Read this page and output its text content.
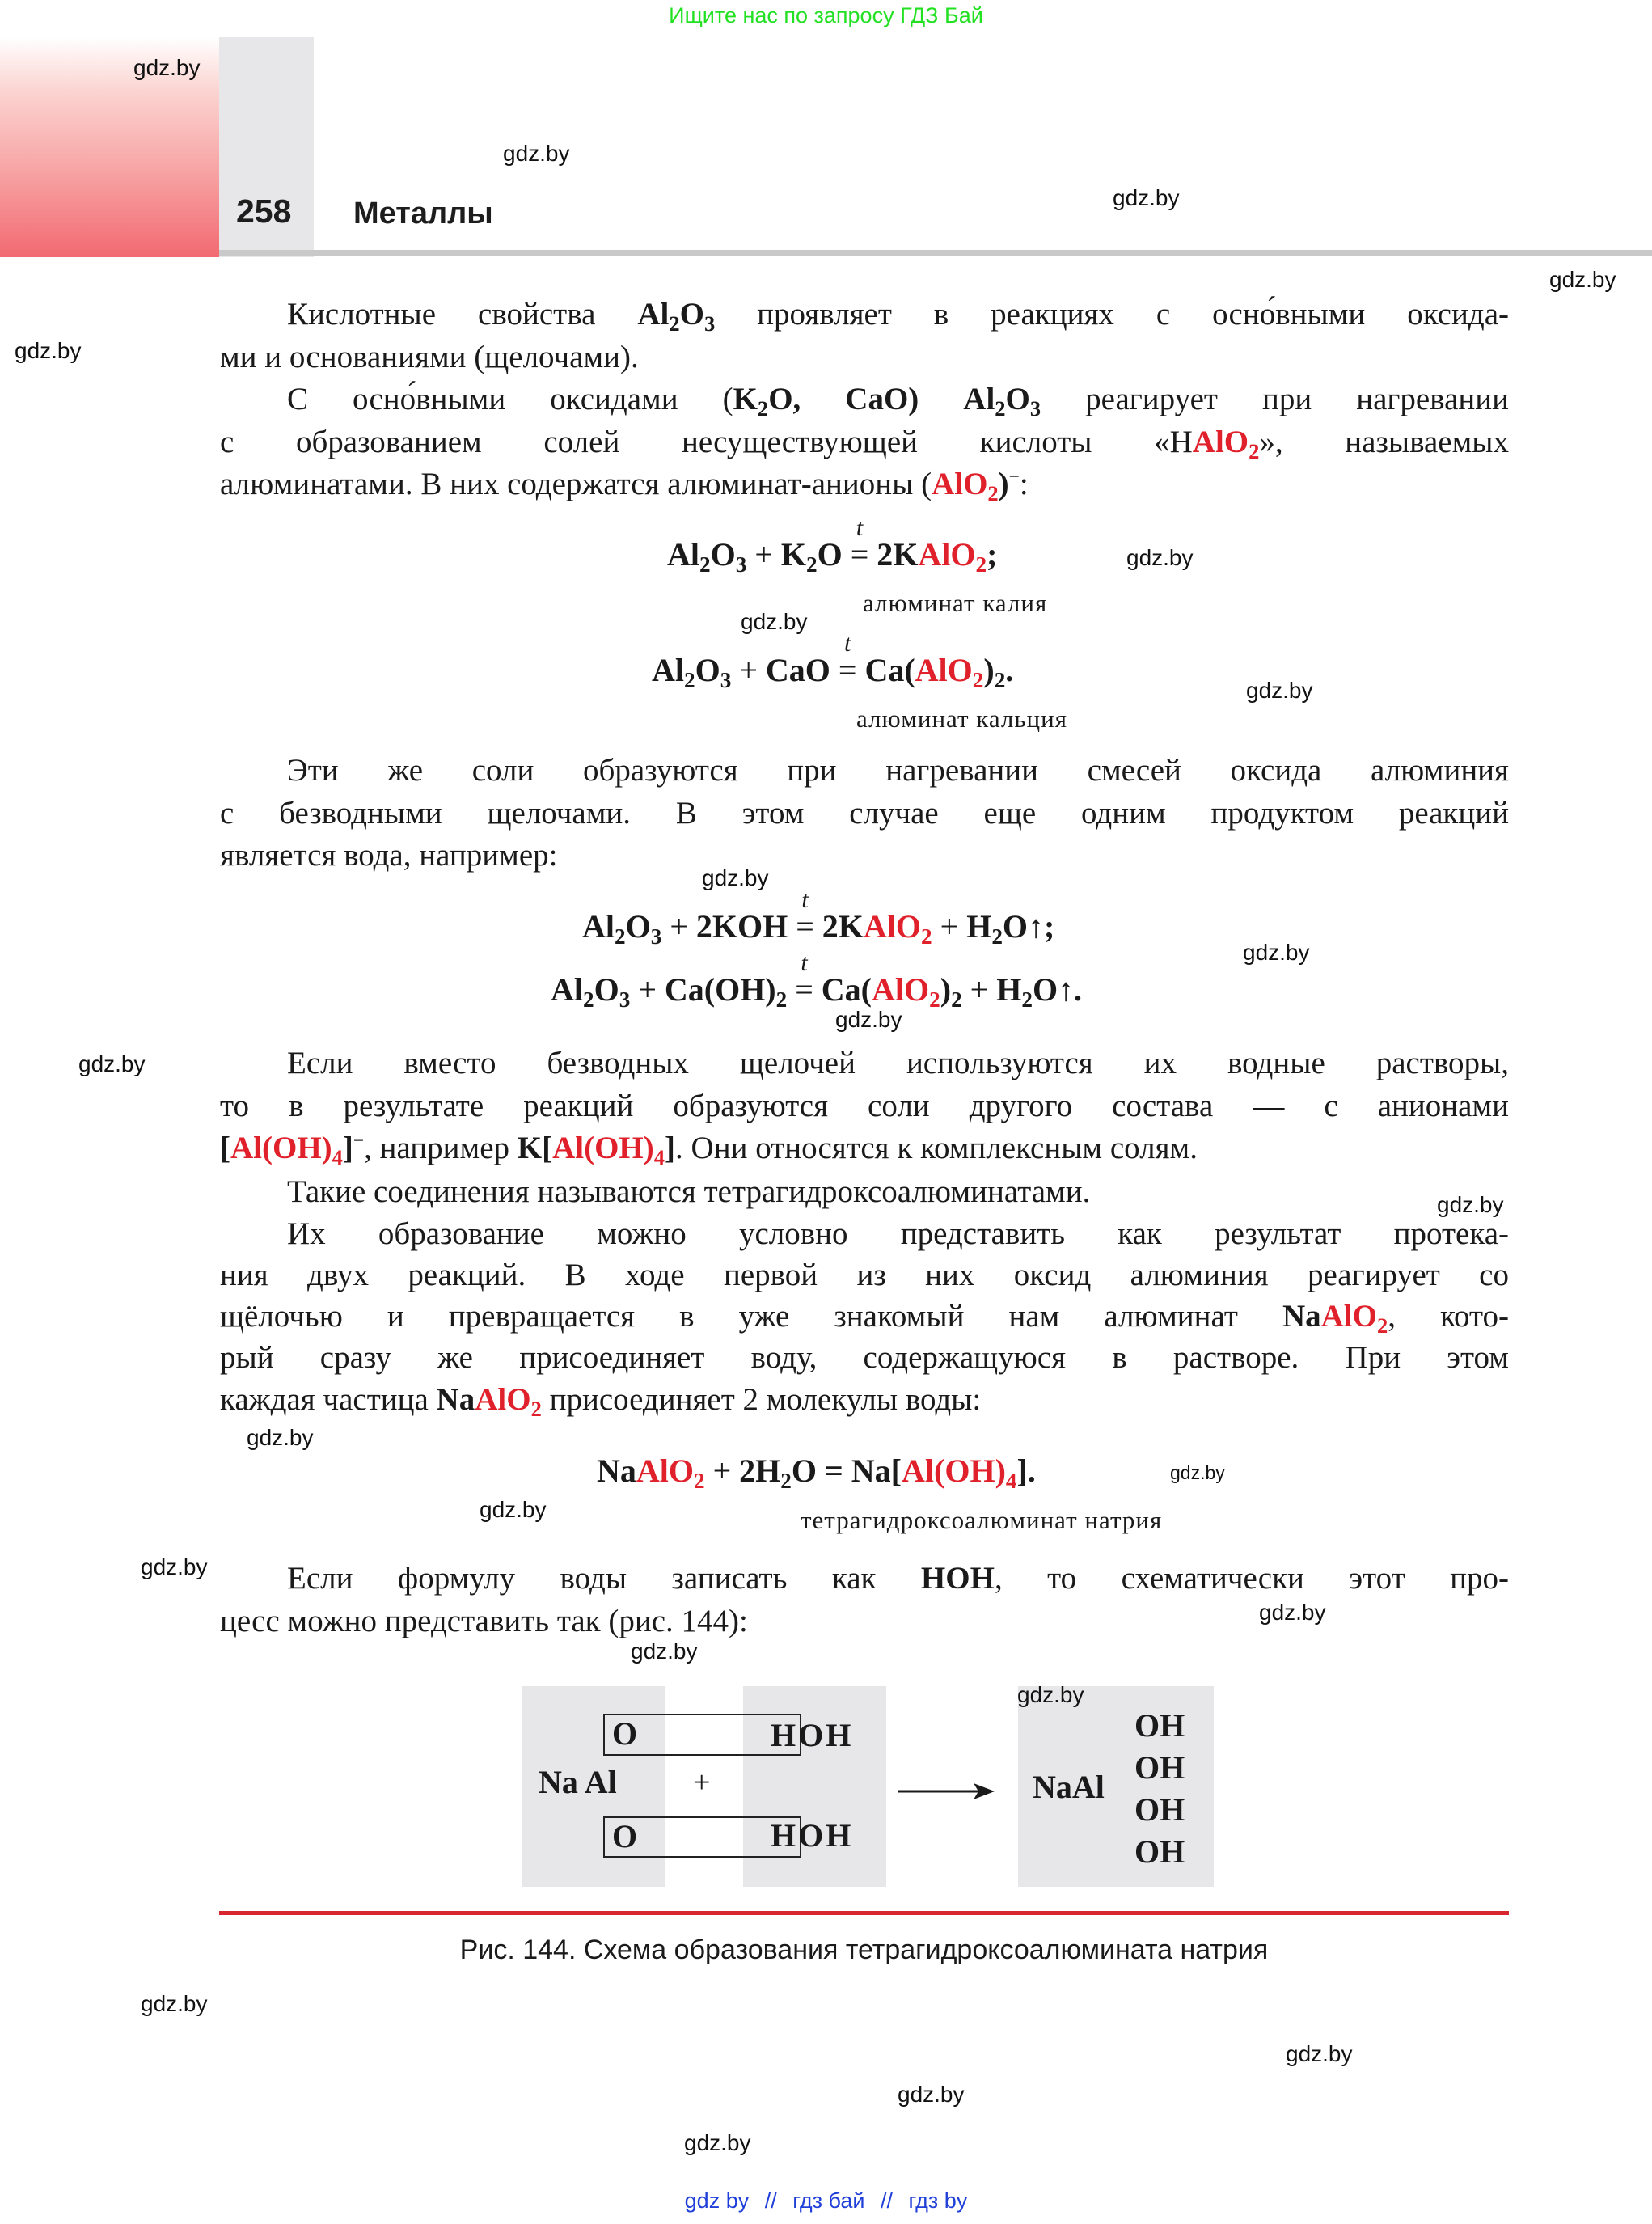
Ищите нас по запросу ГДЗ Бай
258 Металлы
Кислотные свойства $Al_2O_3$ проявляет в реакциях с осно́вными оксида-
ми и основаниями (щелочами).
С осно́вными оксидами ($K_2O$, CaO) $Al_2O_3$ реагирует при нагревании
с образованием солей несуществующей кислоты «НAlO$_2$», называемых
алюминатами. В них содержатся алюминат-анионы (AlO$_2$)−:
$Al_2O_3 + K_2O$ =
t
2KAlO$_2$;
алюминат калия
$Al_2O_3$ + CaO =
t
$Ca(AlO_2)_2$.
алюминат кальция
Эти же соли образуются при нагревании смесей оксида алюминия
с безводными щелочами. В этом случае еще одним продуктом реакций
является вода, например:
$Al_2O_3 + 2KOH$ =
t
2KAlO$_2$ + $H_2O↑$;
$Al_2O_3 + Ca(OH)_2$ =
t
$Ca(AlO_2)_2$ + $H_2O↑$.
Если вместо безводных щелочей используются их водные растворы,
то в результате реакций образуются соли другого состава — с анионами
$[Al(OH)_4]^-$, например $K[Al(OH)_4]$. Они относятся к комплексным солям.
Такие соединения называются тетрагидроксоалюминатами.
Их образование можно условно представить как результат протека-
ния двух реакций. В ходе первой из них оксид алюминия реагирует со
щёлочью и превращается в уже знакомый нам алюминат NaAlO$_2$, кото-
рый сразу же присоединяет воду, содержащуюся в растворе. При этом
каждая частица NaAlO$_2$ присоединяет 2 молекулы воды:
NaAlO$_2$ + $2H_2O = Na[Al(OH)_4]$.
тетрагидроксоалюминат натрия
Если формулу воды записать как HOH, то схематически этот про-
цесс можно представить так (рис. 144):
O
O
Na Al +
HOH
HOH
NaAl
OH
OH
OH
OH
Рис. 144. Схема образования тетрагидроксоалюмината натрия
gdz.by
gdz.by
gdz.by
gdz.by
gdz.by
gdz.by
gdz.by
gdz.by
gdz.by
gdz.by
gdz.by
gdz.by
gdz.by
gdz.by
gdz.by
gdz.by
gdz.by
gdz.by
gdz.by
gdz.by
gdz.by
gdz.by
gdz.by
gdz.by
gdz by // гдз бай // гдз by
